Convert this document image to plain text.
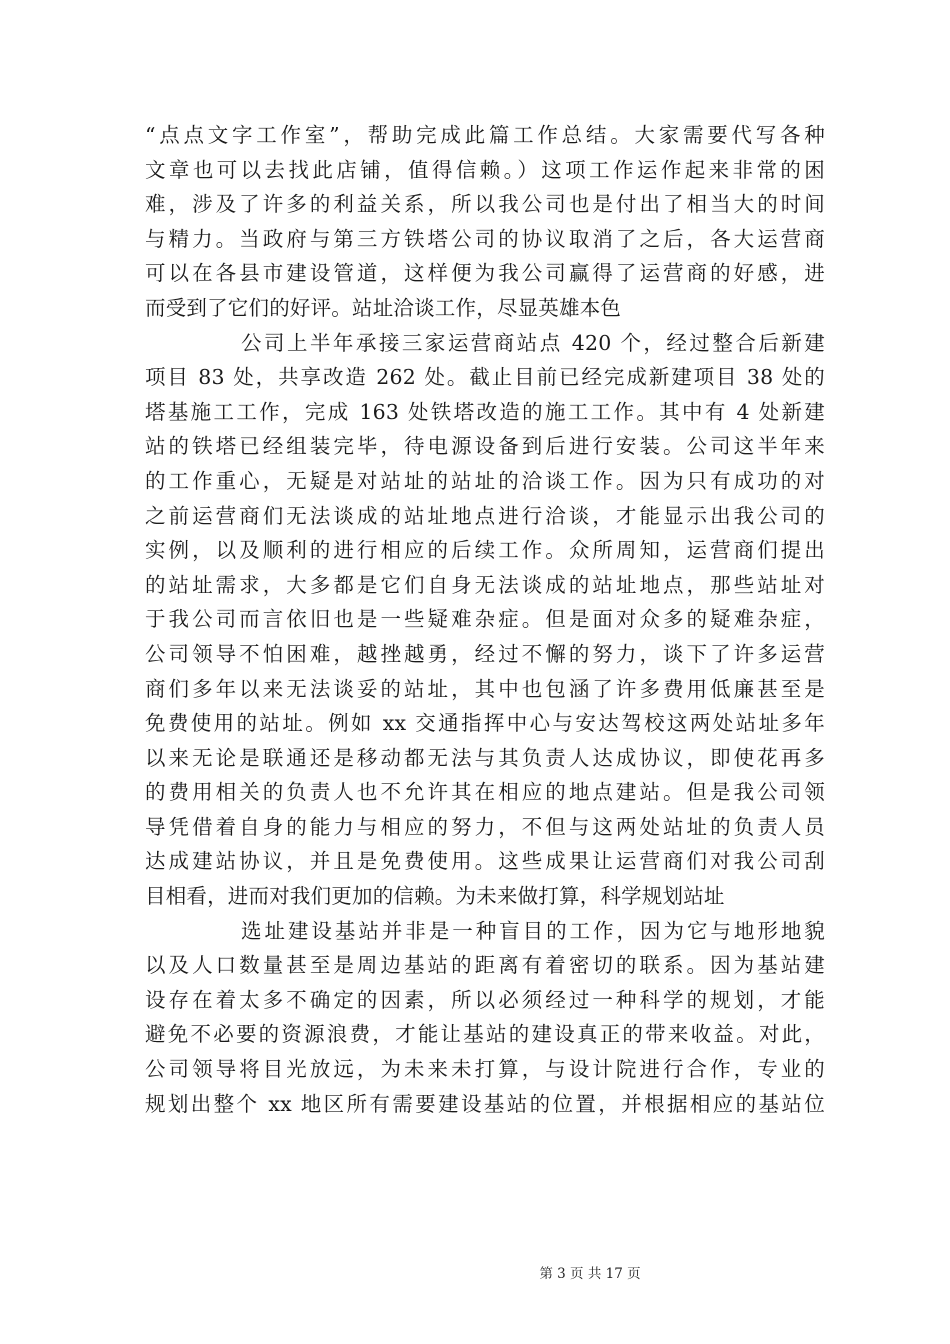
“点点文字工作室”，帮助完成此篇工作总结。大家需要代写各种
文章也可以去找此店铺，值得信赖。）这项工作运作起来非常的困
难，涉及了许多的利益关系，所以我公司也是付出了相当大的时间
与精力。当政府与第三方铁塔公司的协议取消了之后，各大运营商
可以在各县市建设管道，这样便为我公司赢得了运营商的好感，进
而受到了它们的好评。站址洽谈工作，尽显英雄本色
公司上半年承接三家运营商站点 420 个，经过整合后新建
项目 83 处，共享改造 262 处。截止目前已经完成新建项目 38 处的
塔基施工工作，完成 163 处铁塔改造的施工工作。其中有 4 处新建
站的铁塔已经组装完毕，待电源设备到后进行安装。公司这半年来
的工作重心，无疑是对站址的站址的洽谈工作。因为只有成功的对
之前运营商们无法谈成的站址地点进行洽谈，才能显示出我公司的
实例，以及顺利的进行相应的后续工作。众所周知，运营商们提出
的站址需求，大多都是它们自身无法谈成的站址地点，那些站址对
于我公司而言依旧也是一些疑难杂症。但是面对众多的疑难杂症，
公司领导不怕困难，越挫越勇，经过不懈的努力，谈下了许多运营
商们多年以来无法谈妥的站址，其中也包涵了许多费用低廉甚至是
免费使用的站址。例如 xx 交通指挥中心与安达驾校这两处站址多年
以来无论是联通还是移动都无法与其负责人达成协议，即使花再多
的费用相关的负责人也不允许其在相应的地点建站。但是我公司领
导凭借着自身的能力与相应的努力，不但与这两处站址的负责人员
达成建站协议，并且是免费使用。这些成果让运营商们对我公司刮
目相看，进而对我们更加的信赖。为未来做打算，科学规划站址
选址建设基站并非是一种盲目的工作，因为它与地形地貌
以及人口数量甚至是周边基站的距离有着密切的联系。因为基站建
设存在着太多不确定的因素，所以必须经过一种科学的规划，才能
避免不必要的资源浪费，才能让基站的建设真正的带来收益。对此，
公司领导将目光放远，为未来未打算，与设计院进行合作，专业的
规划出整个 xx 地区所有需要建设基站的位置，并根据相应的基站位
第 3 页 共 17 页
